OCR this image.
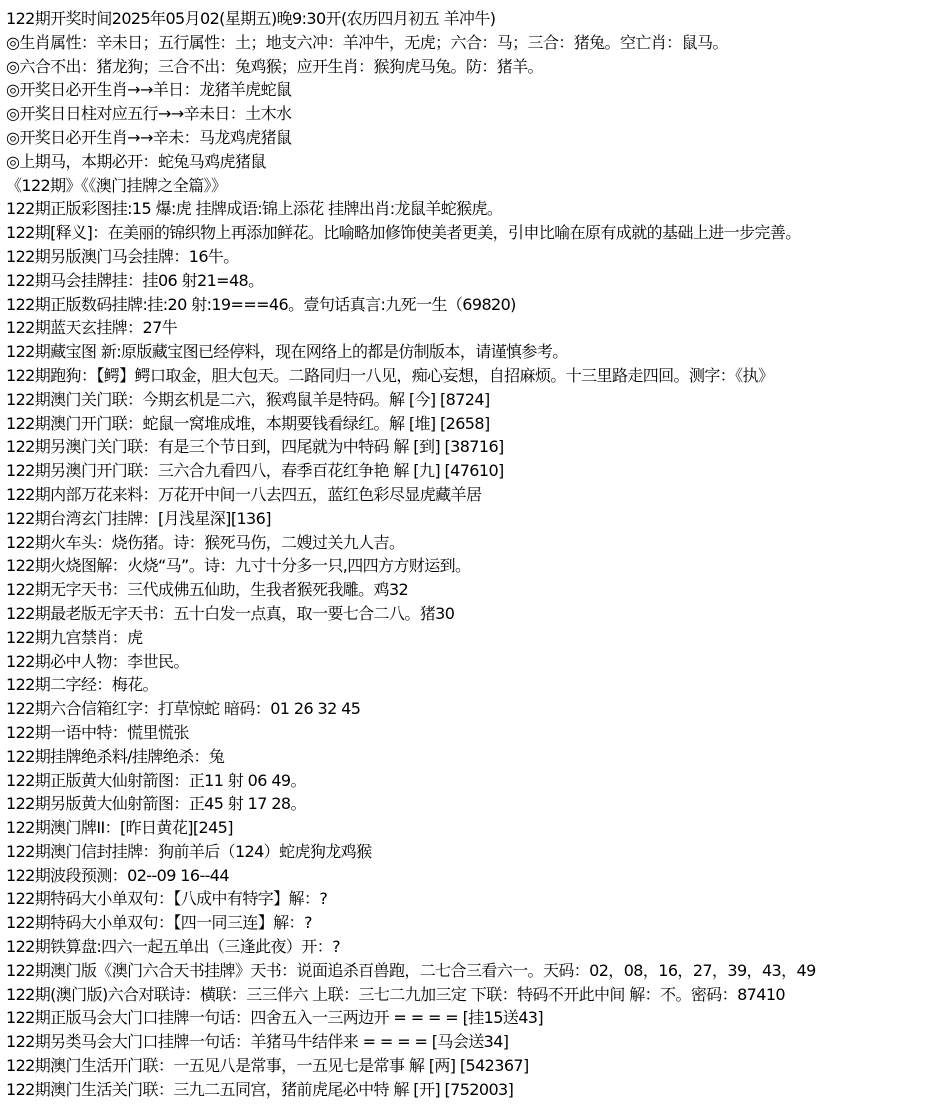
122期开奖时间2025年05月02(星期五)晚9:30开(农历四月初五 羊冲牛)
◎生肖属性：辛未日；五行属性：土；地支六冲：羊冲牛，无虎；六合：马；三合：猪兔。空亡肖：鼠马。
◎六合不出：猪龙狗；三合不出：兔鸡猴；应开生肖：猴狗虎马兔。防：猪羊。
◎开奖日必开生肖→→羊日：龙猪羊虎蛇鼠
◎开奖日日柱对应五行→→辛未日：土木水
◎开奖日必开生肖→→辛未：马龙鸡虎猪鼠
◎上期马，本期必开：蛇兔马鸡虎猪鼠
《122期》《《澳门挂牌之全篇》》
122期正版彩图挂:15 爆:虎 挂牌成语:锦上添花 挂牌出肖:龙鼠羊蛇猴虎。
122期[释义]：在美丽的锦织物上再添加鲜花。比喻略加修饰使美者更美，引申比喻在原有成就的基础上进一步完善。
122期另版澳门马会挂牌：16牛。
122期马会挂牌挂：挂06 射21=48。
122期正版数码挂牌:挂:20 射:19===46。壹句话真言:九死一生（69820)
122期蓝天玄挂牌：27牛
122期藏宝图 新:原版藏宝图已经停料，现在网络上的都是仿制版本，请谨慎参考。
122期跑狗：【鳄】鳄口取金，胆大包天。二路同归一八见，痴心妄想，自招麻烦。十三里路走四回。测字：《执》
122期澳门关门联：今期玄机是二六，猴鸡鼠羊是特码。解 [今] [8724]
122期澳门开门联：蛇鼠一窝堆成堆，本期要钱看绿红。解 [堆] [2658]
122期另澳门关门联：有是三个节日到，四尾就为中特码 解 [到] [38716]
122期另澳门开门联：三六合九看四八，春季百花红争艳 解 [九] [47610]
122期内部万花来料：万花开中间一八去四五，蓝红色彩尽显虎藏羊居
122期台湾玄门挂牌：[月浅星深][136]
122期火车头：烧伤猪。诗：猴死马伤，二嫂过关九人吉。
122期火烧图解：火烧“马”。诗：九寸十分多一只,四四方方财运到。
122期无字天书：三代成佛五仙助，生我者猴死我雕。鸡32
122期最老版无字天书：五十白发一点真，取一要七合二八。猪30
122期九宫禁肖：虎
122期必中人物：李世民。
122期二字经：梅花。
122期六合信箱红字：打草惊蛇 暗码：01 26 32 45
122期一语中特：慌里慌张
122期挂牌绝杀料/挂牌绝杀：兔
122期正版黄大仙射箭图：正11 射 06 49。
122期另版黄大仙射箭图：正45 射 17 28。
122期澳门牌II：[昨日黄花][245]
122期澳门信封挂牌：狗前羊后（124）蛇虎狗龙鸡猴
122期波段预测：02--09 16--44
122期特码大小单双句：【八成中有特字】解：?
122期特码大小单双句：【四一同三连】解：?
122期铁算盘:四六一起五单出（三逢此夜）开：?
122期澳门版《澳门六合天书挂牌》天书：说面追杀百兽跑，二七合三看六一。天码：02，08，16，27，39，43，49
122期(澳门版)六合对联诗：横联：三三伴六 上联：三七二九加三定 下联：特码不开此中间 解：不。密码：87410
122期正版马会大门口挂牌一句话：四舍五入一三两边开 = = = = [挂15送43]
122期另类马会大门口挂牌一句话：羊猪马牛结伴来 = = = = [马会送34]
122期澳门生活开门联：一五见八是常事，一五见七是常事 解 [两] [542367]
122期澳门生活关门联：三九二五同宫，猪前虎尾必中特 解 [开] [752003]
